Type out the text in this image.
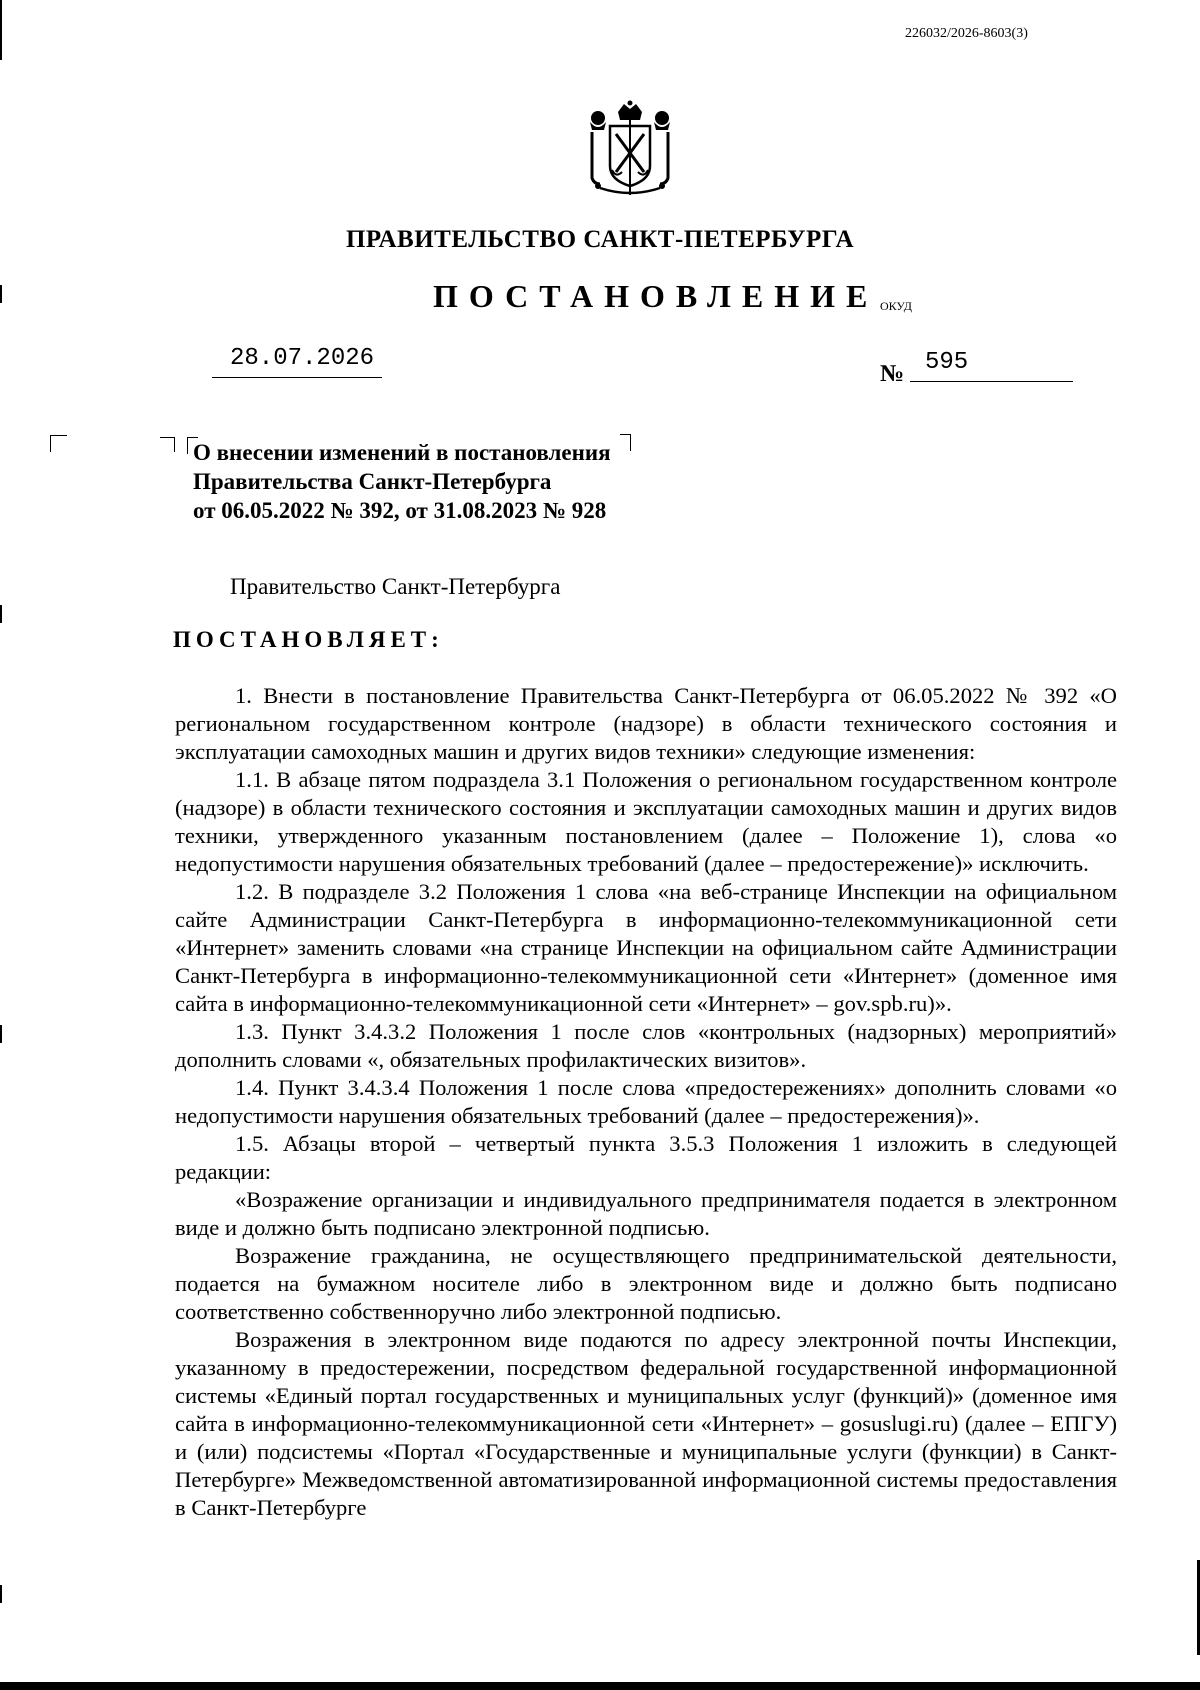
226032/2026-8603(3)
ПРАВИТЕЛЬСТВО САНКТ-ПЕТЕРБУРГА
ПОСТАНОВЛЕНИЕ ОКУД
28.07.2026
№ 595
О внесении изменений в постановления
Правительства Санкт-Петербурга
от 06.05.2022 № 392, от 31.08.2023 № 928
Правительство Санкт-Петербурга
ПОСТАНОВЛЯЕТ:

1. Внести в постановление Правительства Санкт-Петербурга от 06.05.2022 № 392 «О региональном государственном контроле (надзоре) в области технического состояния и эксплуатации самоходных машин и других видов техники» следующие изменения:

1.1. В абзаце пятом подраздела 3.1 Положения о региональном государственном контроле (надзоре) в области технического состояния и эксплуатации самоходных машин и других видов техники, утвержденного указанным постановлением (далее – Положение 1), слова «о недопустимости нарушения обязательных требований (далее – предостережение)» исключить.

1.2. В подразделе 3.2 Положения 1 слова «на веб-странице Инспекции на официальном сайте Администрации Санкт-Петербурга в информационно-телекоммуникационной сети «Интернет» заменить словами «на странице Инспекции на официальном сайте Администрации Санкт-Петербурга в информационно-телекоммуникационной сети «Интернет» (доменное имя сайта в информационно-телекоммуникационной сети «Интернет» – gov.spb.ru)».

1.3. Пункт 3.4.3.2 Положения 1 после слов «контрольных (надзорных) мероприятий» дополнить словами «, обязательных профилактических визитов».

1.4. Пункт 3.4.3.4 Положения 1 после слова «предостережениях» дополнить словами «о недопустимости нарушения обязательных требований (далее – предостережения)».

1.5. Абзацы второй – четвертый пункта 3.5.3 Положения 1 изложить в следующей редакции:

«Возражение организации и индивидуального предпринимателя подается в электронном виде и должно быть подписано электронной подписью.

Возражение гражданина, не осуществляющего предпринимательской деятельности, подается на бумажном носителе либо в электронном виде и должно быть подписано соответственно собственноручно либо электронной подписью.

Возражения в электронном виде подаются по адресу электронной почты Инспекции, указанному в предостережении, посредством федеральной государственной информационной системы «Единый портал государственных и муниципальных услуг (функций)» (доменное имя сайта в информационно-телекоммуникационной сети «Интернет» – gosuslugi.ru) (далее – ЕПГУ) и (или) подсистемы «Портал «Государственные и муниципальные услуги (функции) в Санкт-Петербурге» Межведомственной автоматизированной информационной системы предоставления в Санкт-Петербурге
